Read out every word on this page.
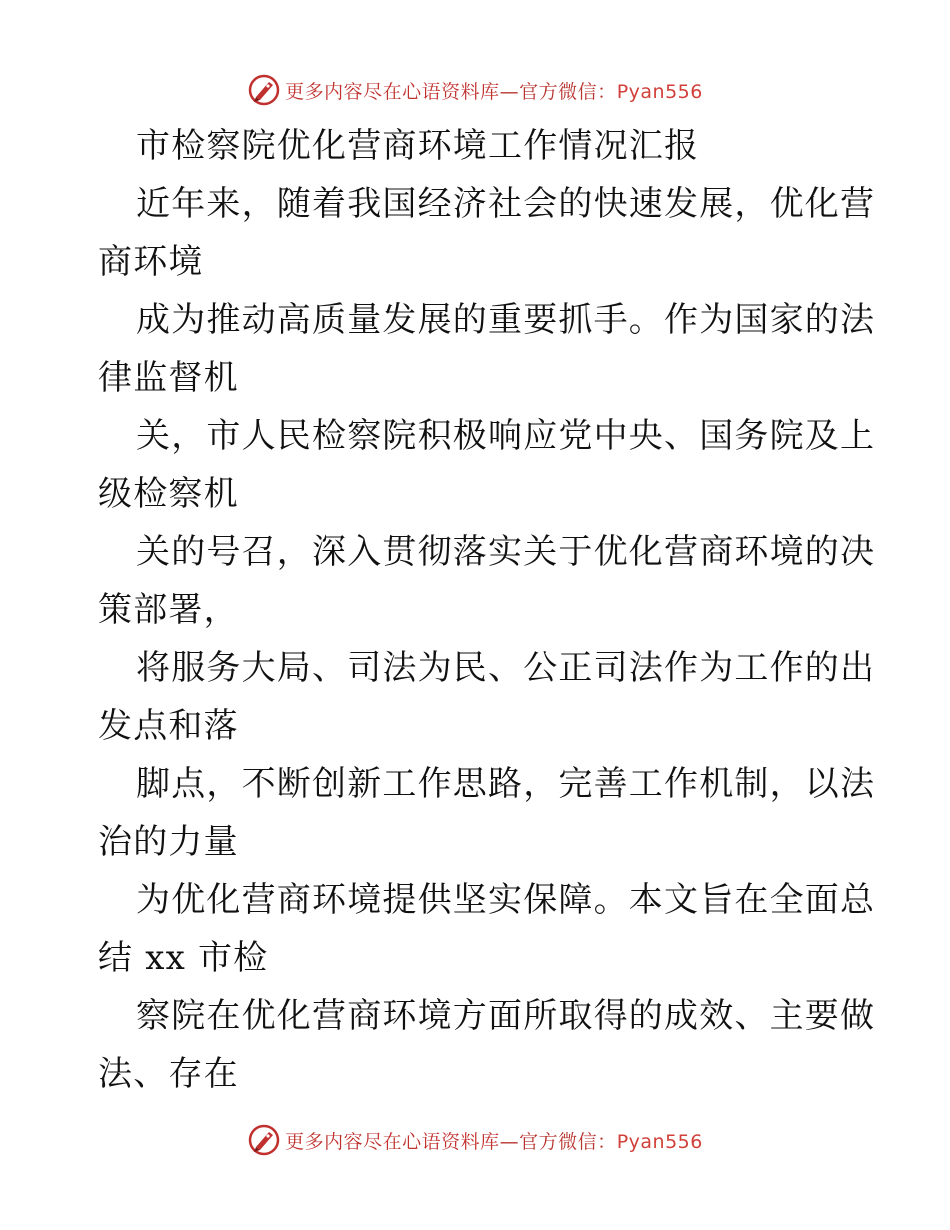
更多内容尽在心语资料库—官方微信：Pyan556
市检察院优化营商环境工作情况汇报
近年来，随着我国经济社会的快速发展，优化营
商环境
成为推动高质量发展的重要抓手。作为国家的法
律监督机
关，市人民检察院积极响应党中央、国务院及上
级检察机
关的号召，深入贯彻落实关于优化营商环境的决
策部署，
将服务大局、司法为民、公正司法作为工作的出
发点和落
脚点，不断创新工作思路，完善工作机制，以法
治的力量
为优化营商环境提供坚实保障。本文旨在全面总
结 xx 市检
察院在优化营商环境方面所取得的成效、主要做
法、存在
更多内容尽在心语资料库—官方微信：Pyan556
